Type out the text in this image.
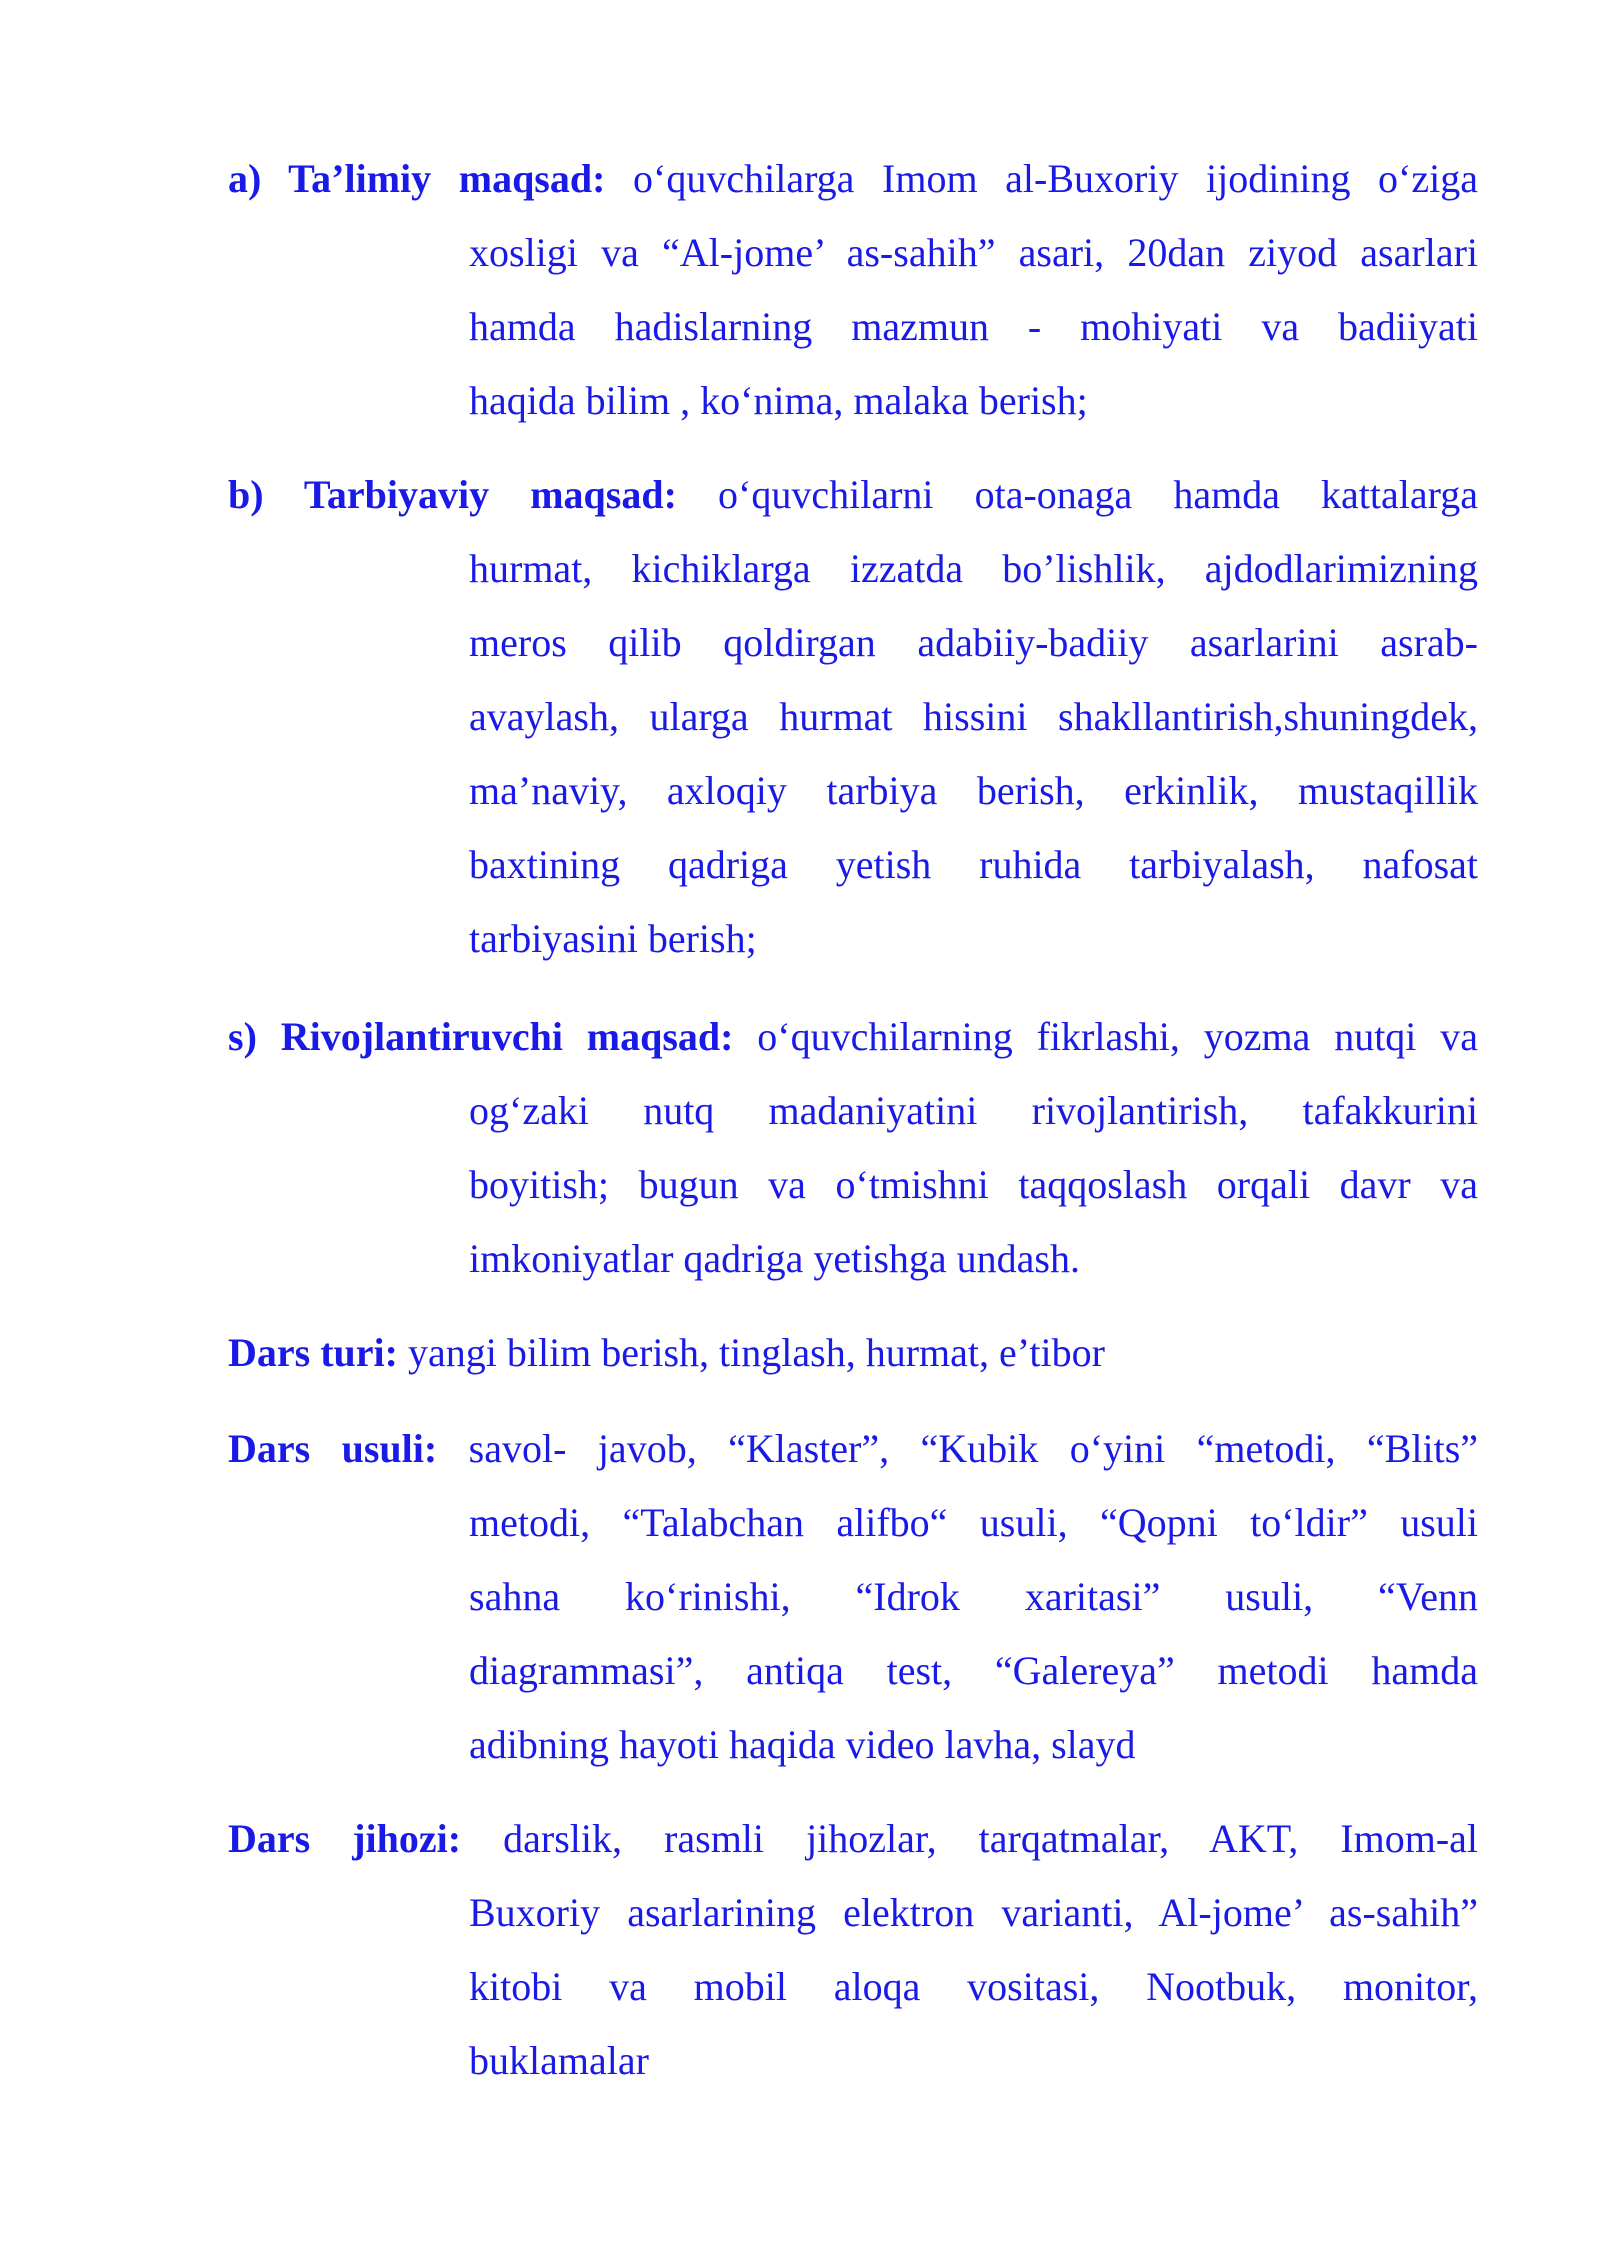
a) Ta’limiy maqsad: o‘quvchilarga Imom al-Buxoriy ijodining o‘ziga
xosligi va “Al-jome’ as-sahih” asari, 20dan ziyod asarlari
hamda hadislarning mazmun - mohiyati va badiiyati
haqida bilim , ko‘nima, malaka berish;
b) Tarbiyaviy maqsad: o‘quvchilarni ota-onaga hamda kattalarga
hurmat, kichiklarga izzatda bo’lishlik, ajdodlarimizning
meros qilib qoldirgan adabiiy-badiiy asarlarini asrab-
avaylash, ularga hurmat hissini shakllantirish,shuningdek,
ma’naviy, axloqiy tarbiya berish, erkinlik, mustaqillik
baxtining qadriga yetish ruhida tarbiyalash, nafosat
tarbiyasini berish;
s) Rivojlantiruvchi maqsad: o‘quvchilarning fikrlashi, yozma nutqi va
og‘zaki nutq madaniyatini rivojlantirish, tafakkurini
boyitish; bugun va o‘tmishni taqqoslash orqali davr va
imkoniyatlar qadriga yetishga undash.
Dars turi: yangi bilim berish, tinglash, hurmat, e’tibor
Dars usuli: savol- javob, “Klaster”, “Kubik o‘yini “metodi, “Blits”
metodi, “Talabchan alifbo“ usuli, “Qopni to‘ldir” usuli
sahna ko‘rinishi, “Idrok xaritasi” usuli, “Venn
diagrammasi”, antiqa test, “Galereya” metodi hamda
adibning hayoti haqida video lavha, slayd
Dars jihozi: darslik, rasmli jihozlar, tarqatmalar, AKT, Imom-al
Buxoriy asarlarining elektron varianti, Al-jome’ as-sahih”
kitobi va mobil aloqa vositasi, Nootbuk, monitor,
buklamalar
